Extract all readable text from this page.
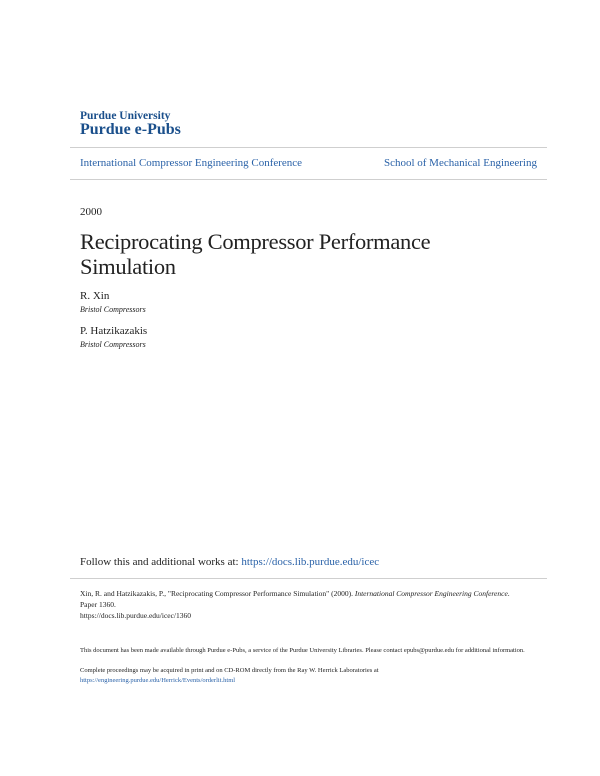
Purdue University
Purdue e-Pubs
International Compressor Engineering Conference	School of Mechanical Engineering
2000
Reciprocating Compressor Performance Simulation
R. Xin
Bristol Compressors
P. Hatzikazakis
Bristol Compressors
Follow this and additional works at: https://docs.lib.purdue.edu/icec
Xin, R. and Hatzikazakis, P., "Reciprocating Compressor Performance Simulation" (2000). International Compressor Engineering Conference. Paper 1360.
https://docs.lib.purdue.edu/icec/1360
This document has been made available through Purdue e-Pubs, a service of the Purdue University Libraries. Please contact epubs@purdue.edu for additional information.
Complete proceedings may be acquired in print and on CD-ROM directly from the Ray W. Herrick Laboratories at https://engineering.purdue.edu/Herrick/Events/orderlit.html
